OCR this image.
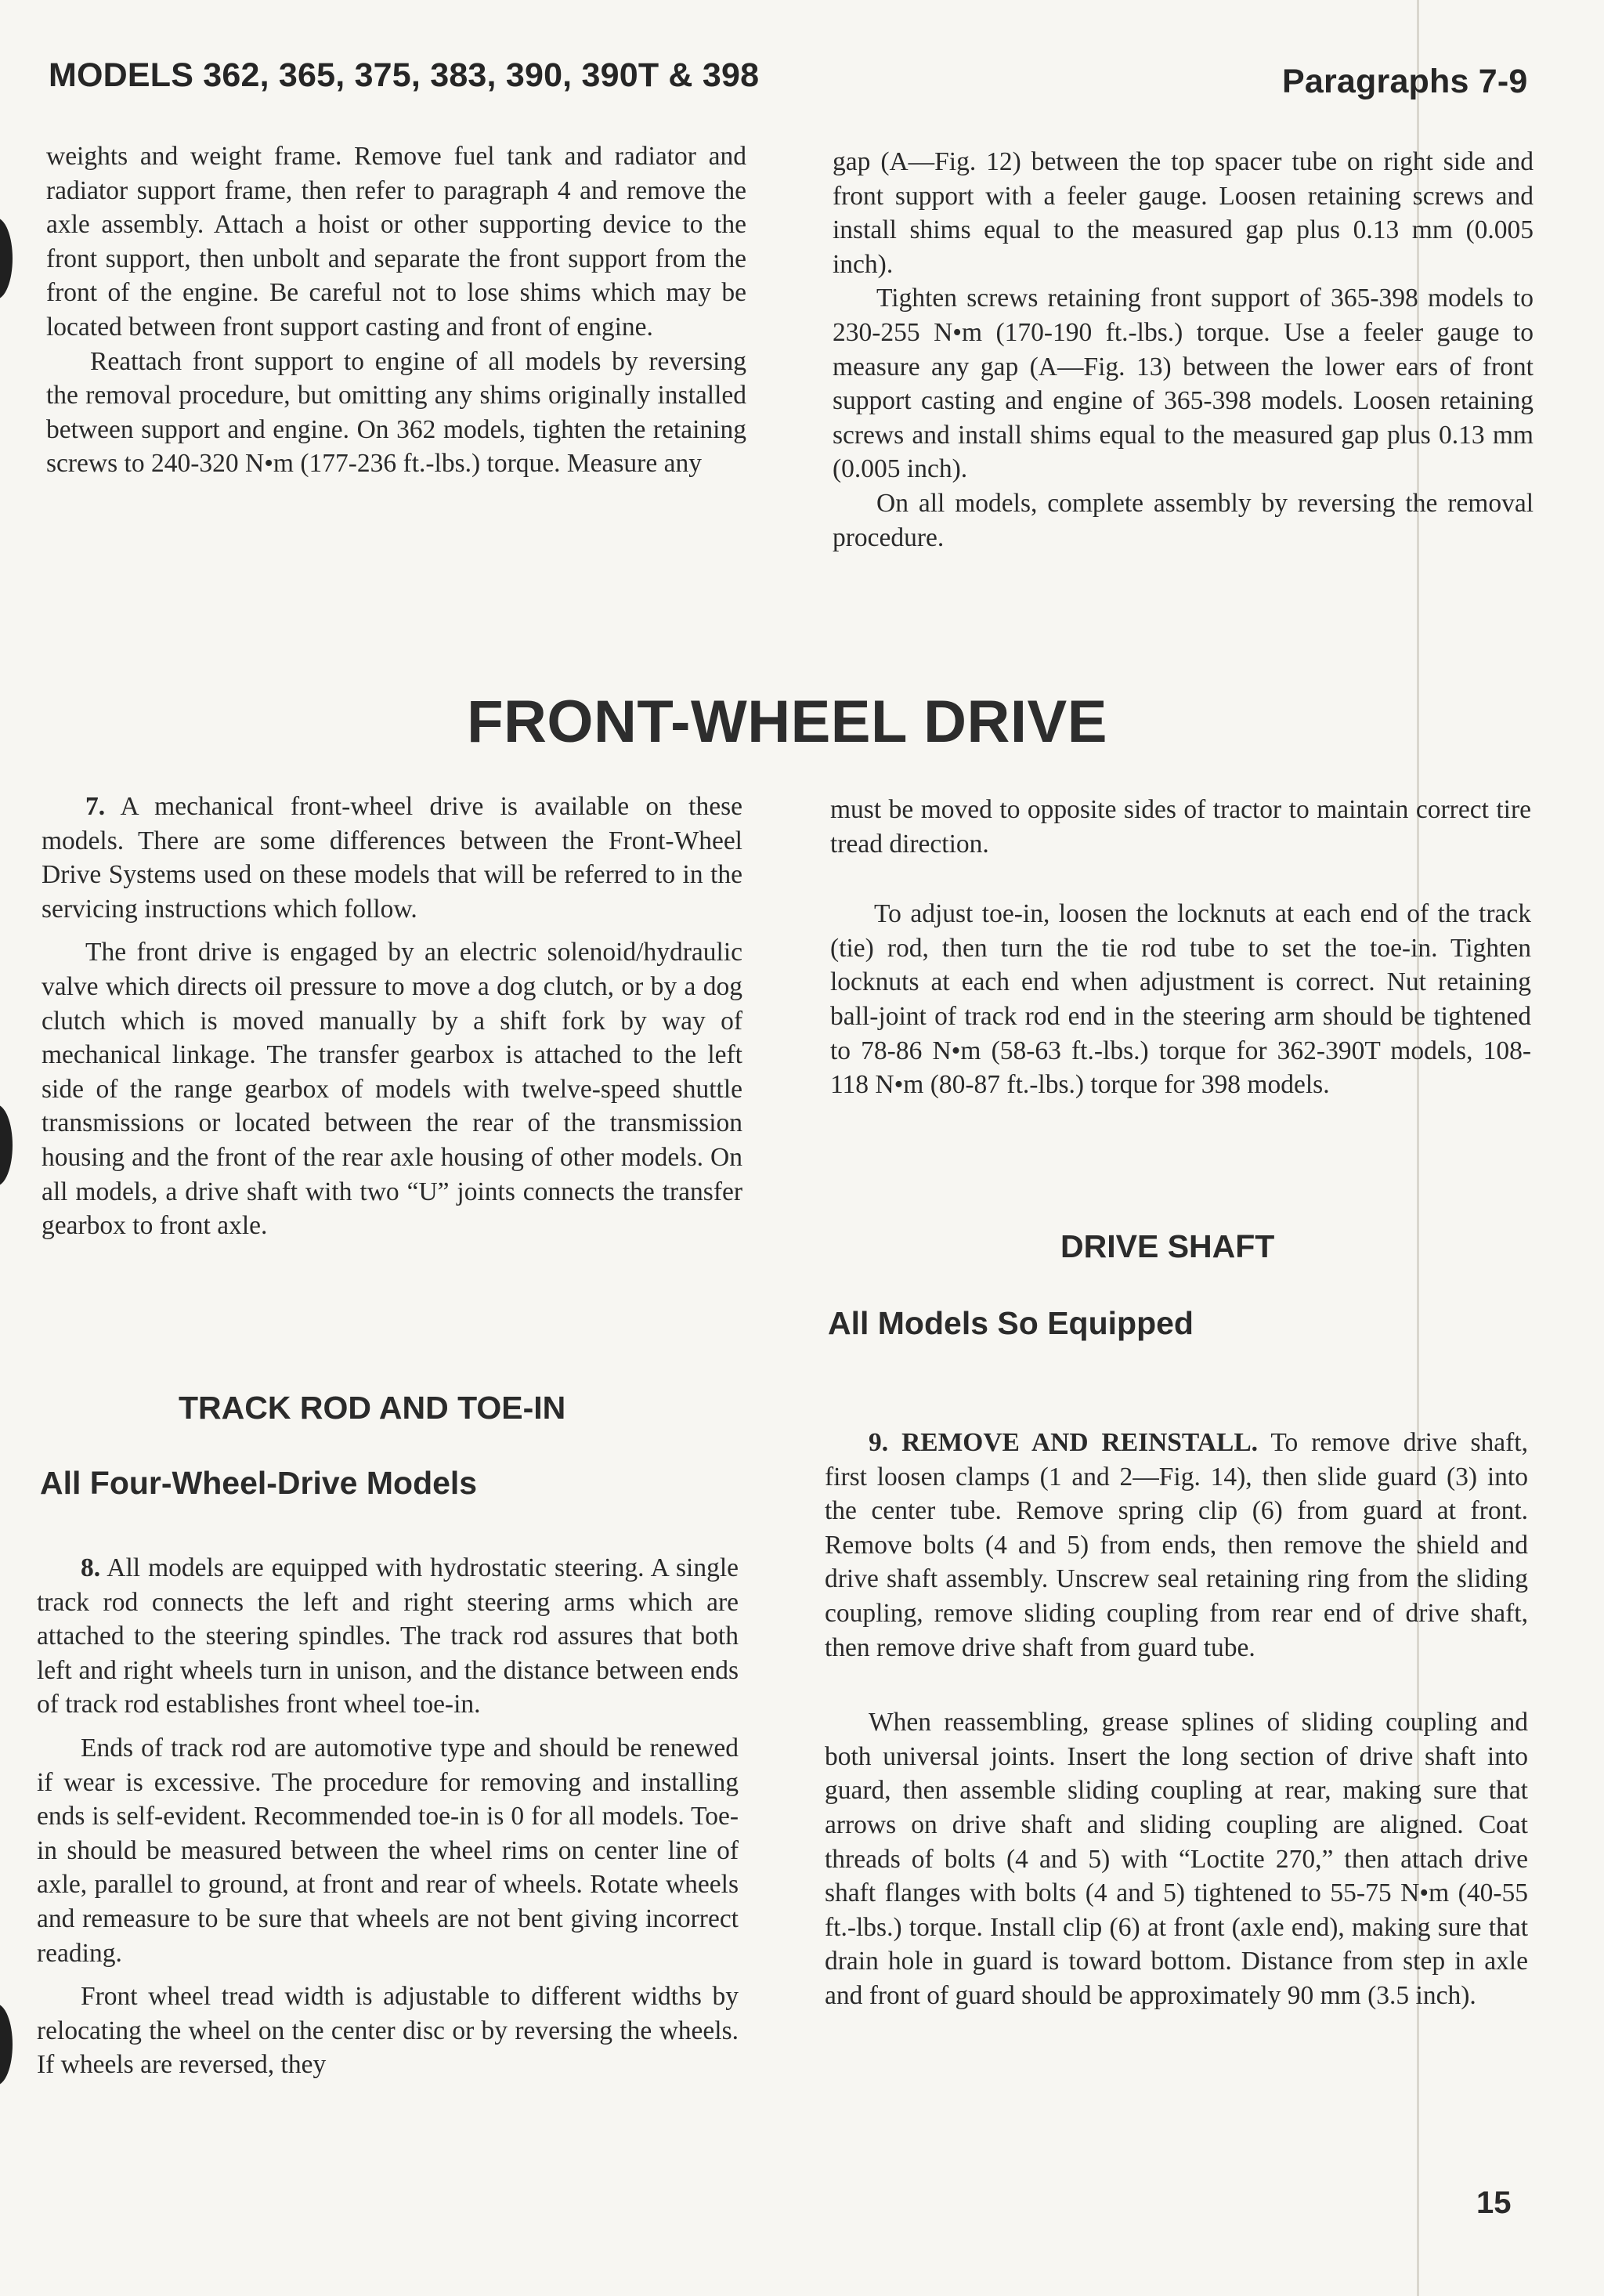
MODELS 362, 365, 375, 383, 390, 390T & 398	Paragraphs 7-9

weights and weight frame. Remove fuel tank and radiator and radiator support frame, then refer to paragraph 4 and remove the axle assembly. Attach a hoist or other supporting device to the front support, then unbolt and separate the front support from the front of the engine. Be careful not to lose shims which may be located between front support casting and front of engine.

Reattach front support to engine of all models by reversing the removal procedure, but omitting any shims originally installed between support and engine. On 362 models, tighten the retaining screws to 240-320 N•m (177-236 ft.-lbs.) torque. Measure any

gap (A—Fig. 12) between the top spacer tube on right side and front support with a feeler gauge. Loosen retaining screws and install shims equal to the measured gap plus 0.13 mm (0.005 inch).

Tighten screws retaining front support of 365-398 models to 230-255 N•m (170-190 ft.-lbs.) torque. Use a feeler gauge to measure any gap (A—Fig. 13) between the lower ears of front support casting and engine of 365-398 models. Loosen retaining screws and install shims equal to the measured gap plus 0.13 mm (0.005 inch).

On all models, complete assembly by reversing the removal procedure.

FRONT-WHEEL DRIVE

7. A mechanical front-wheel drive is available on these models. There are some differences between the Front-Wheel Drive Systems used on these models that will be referred to in the servicing instructions which follow.

The front drive is engaged by an electric solenoid/hydraulic valve which directs oil pressure to move a dog clutch, or by a dog clutch which is moved manually by a shift fork by way of mechanical linkage. The transfer gearbox is attached to the left side of the range gearbox of models with twelve-speed shuttle transmissions or located between the rear of the transmission housing and the front of the rear axle housing of other models. On all models, a drive shaft with two “U” joints connects the transfer gearbox to front axle.

TRACK ROD AND TOE-IN
All Four-Wheel-Drive Models

8. All models are equipped with hydrostatic steering. A single track rod connects the left and right steering arms which are attached to the steering spindles. The track rod assures that both left and right wheels turn in unison, and the distance between ends of track rod establishes front wheel toe-in.

Ends of track rod are automotive type and should be renewed if wear is excessive. The procedure for removing and installing ends is self-evident. Recommended toe-in is 0 for all models. Toe-in should be measured between the wheel rims on center line of axle, parallel to ground, at front and rear of wheels. Rotate wheels and remeasure to be sure that wheels are not bent giving incorrect reading.

Front wheel tread width is adjustable to different widths by relocating the wheel on the center disc or by reversing the wheels. If wheels are reversed, they

must be moved to opposite sides of tractor to maintain correct tire tread direction.

To adjust toe-in, loosen the locknuts at each end of the track (tie) rod, then turn the tie rod tube to set the toe-in. Tighten locknuts at each end when adjustment is correct. Nut retaining ball-joint of track rod end in the steering arm should be tightened to 78-86 N•m (58-63 ft.-lbs.) torque for 362-390T models, 108-118 N•m (80-87 ft.-lbs.) torque for 398 models.

DRIVE SHAFT
All Models So Equipped

9. REMOVE AND REINSTALL. To remove drive shaft, first loosen clamps (1 and 2—Fig. 14), then slide guard (3) into the center tube. Remove spring clip (6) from guard at front. Remove bolts (4 and 5) from ends, then remove the shield and drive shaft assembly. Unscrew seal retaining ring from the sliding coupling, remove sliding coupling from rear end of drive shaft, then remove drive shaft from guard tube.

When reassembling, grease splines of sliding coupling and both universal joints. Insert the long section of drive shaft into guard, then assemble sliding coupling at rear, making sure that arrows on drive shaft and sliding coupling are aligned. Coat threads of bolts (4 and 5) with “Loctite 270,” then attach drive shaft flanges with bolts (4 and 5) tightened to 55-75 N•m (40-55 ft.-lbs.) torque. Install clip (6) at front (axle end), making sure that drain hole in guard is toward bottom. Distance from step in axle and front of guard should be approximately 90 mm (3.5 inch).

15
